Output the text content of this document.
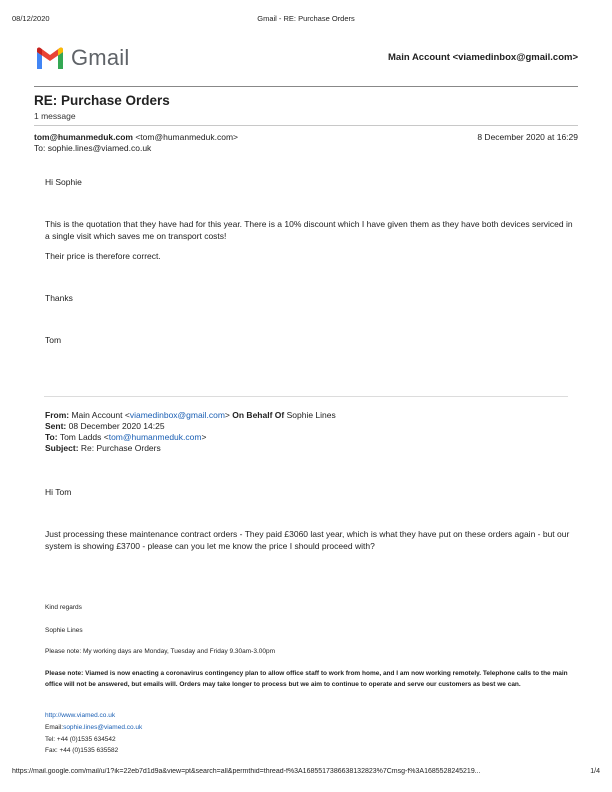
08/12/2020	Gmail - RE: Purchase Orders
Gmail	Main Account <viamedinbox@gmail.com>
RE: Purchase Orders
1 message
tom@humanmeduk.com <tom@humanmeduk.com>	8 December 2020 at 16:29
To: sophie.lines@viamed.co.uk
Hi Sophie
This is the quotation that they have had for this year. There is a 10% discount which I have given them as they have both devices serviced in a single visit which saves me on transport costs!
Their price is therefore correct.
Thanks
Tom
From: Main Account <viamedinbox@gmail.com> On Behalf Of Sophie Lines
Sent: 08 December 2020 14:25
To: Tom Ladds <tom@humanmeduk.com>
Subject: Re: Purchase Orders
Hi Tom
Just processing these maintenance contract orders - They paid £3060 last year, which is what they have put on these orders again - but our system is showing £3700 - please can you let me know the price I should proceed with?
Kind regards
Sophie Lines
Please note: My working days are Monday, Tuesday and Friday 9.30am-3.00pm
Please note: Viamed is now enacting a coronavirus contingency plan to allow office staff to work from home, and I am now working remotely. Telephone calls to the main office will not be answered, but emails will. Orders may take longer to process but we aim to continue to operate and serve our customers as best we can.
http://www.viamed.co.uk
Email:sophie.lines@viamed.co.uk
Tel: +44 (0)1535 634542
Fax: +44 (0)1535 635582
https://mail.google.com/mail/u/1?ik=22eb7d1d9a&view=pt&search=all&permthid=thread-f%3A1685517386638132823%7Cmsg-f%3A1685528245219...	1/4
